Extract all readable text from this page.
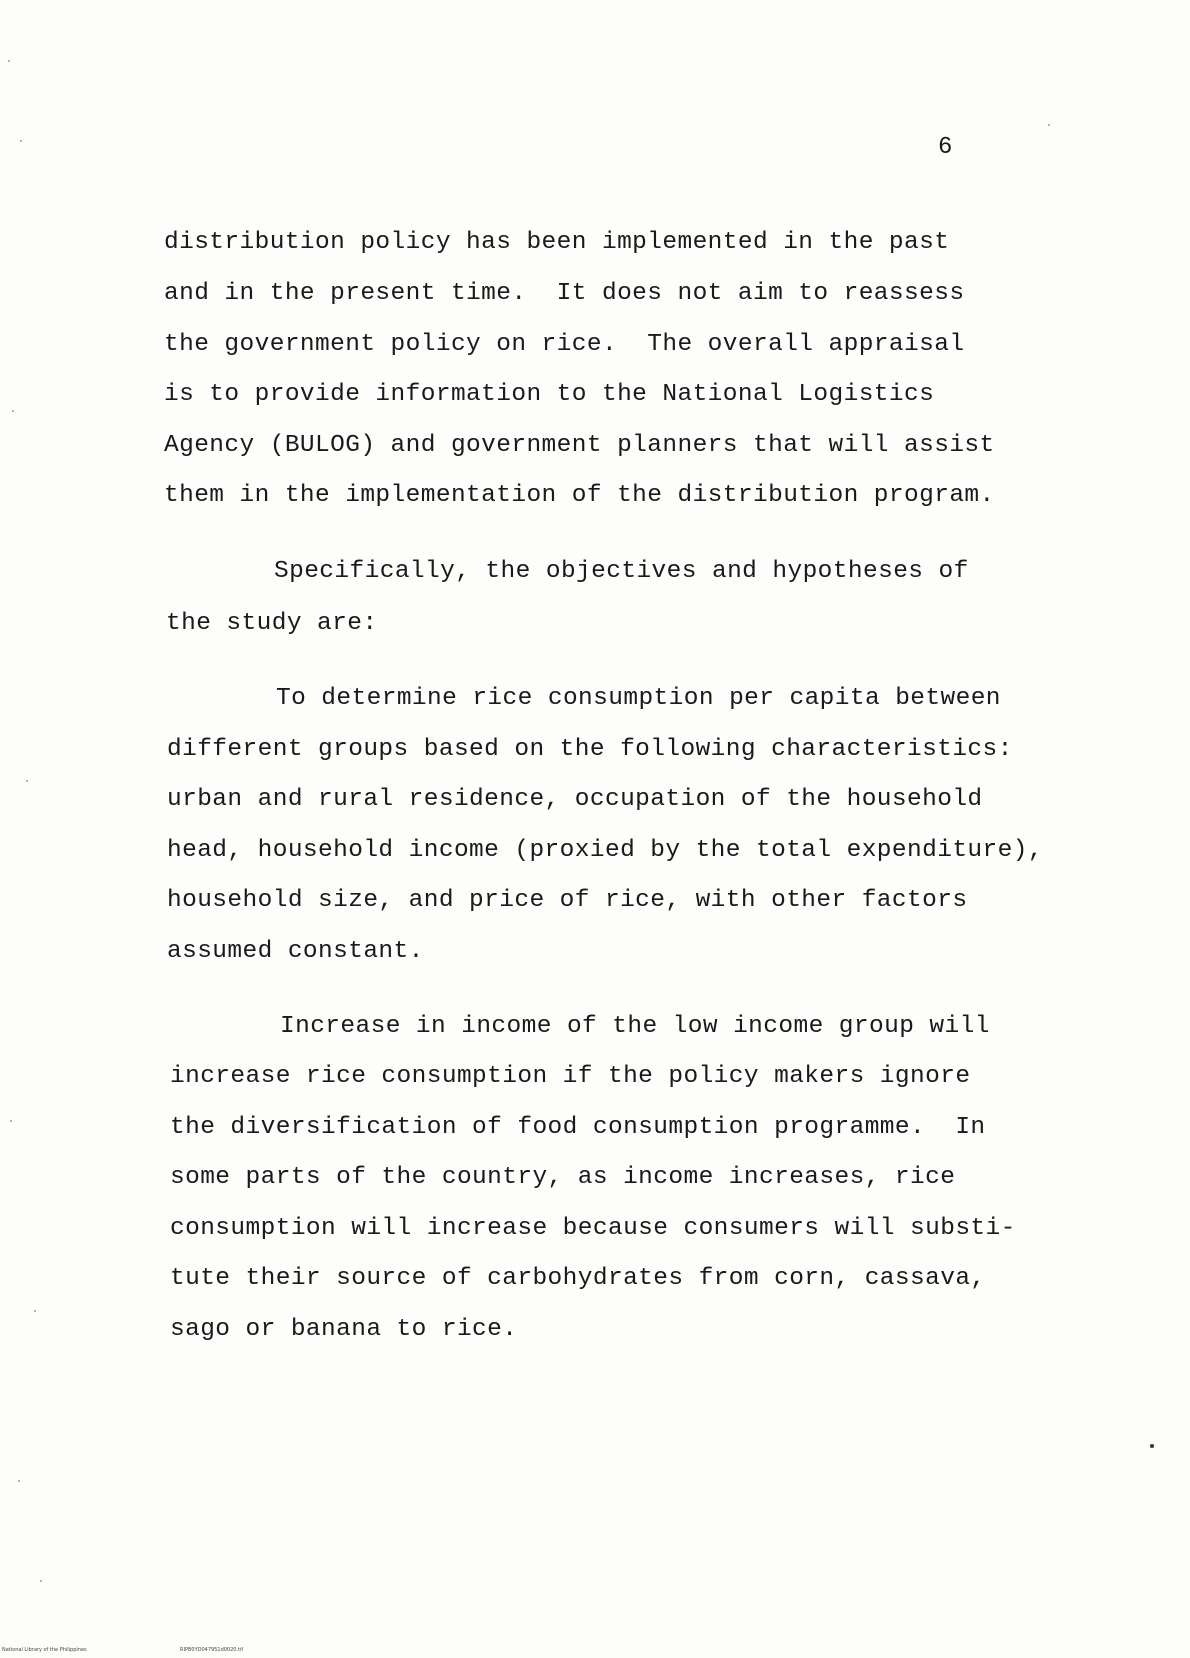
6
distribution policy has been implemented in the past
and in the present time.  It does not aim to reassess
the government policy on rice.  The overall appraisal
is to provide information to the National Logistics
Agency (BULOG) and government planners that will assist
them in the implementation of the distribution program.
Specifically, the objectives and hypotheses of
the study are:
To determine rice consumption per capita between
different groups based on the following characteristics:
urban and rural residence, occupation of the household
head, household income (proxied by the total expenditure),
household size, and price of rice, with other factors
assumed constant.
Increase in income of the low income group will
increase rice consumption if the policy makers ignore
the diversification of food consumption programme.  In
some parts of the country, as income increases, rice
consumption will increase because consumers will substi-
tute their source of carbohydrates from corn, cassava,
sago or banana to rice.
National Library of the Philippines	RIPB0YD047951d0020.tif
